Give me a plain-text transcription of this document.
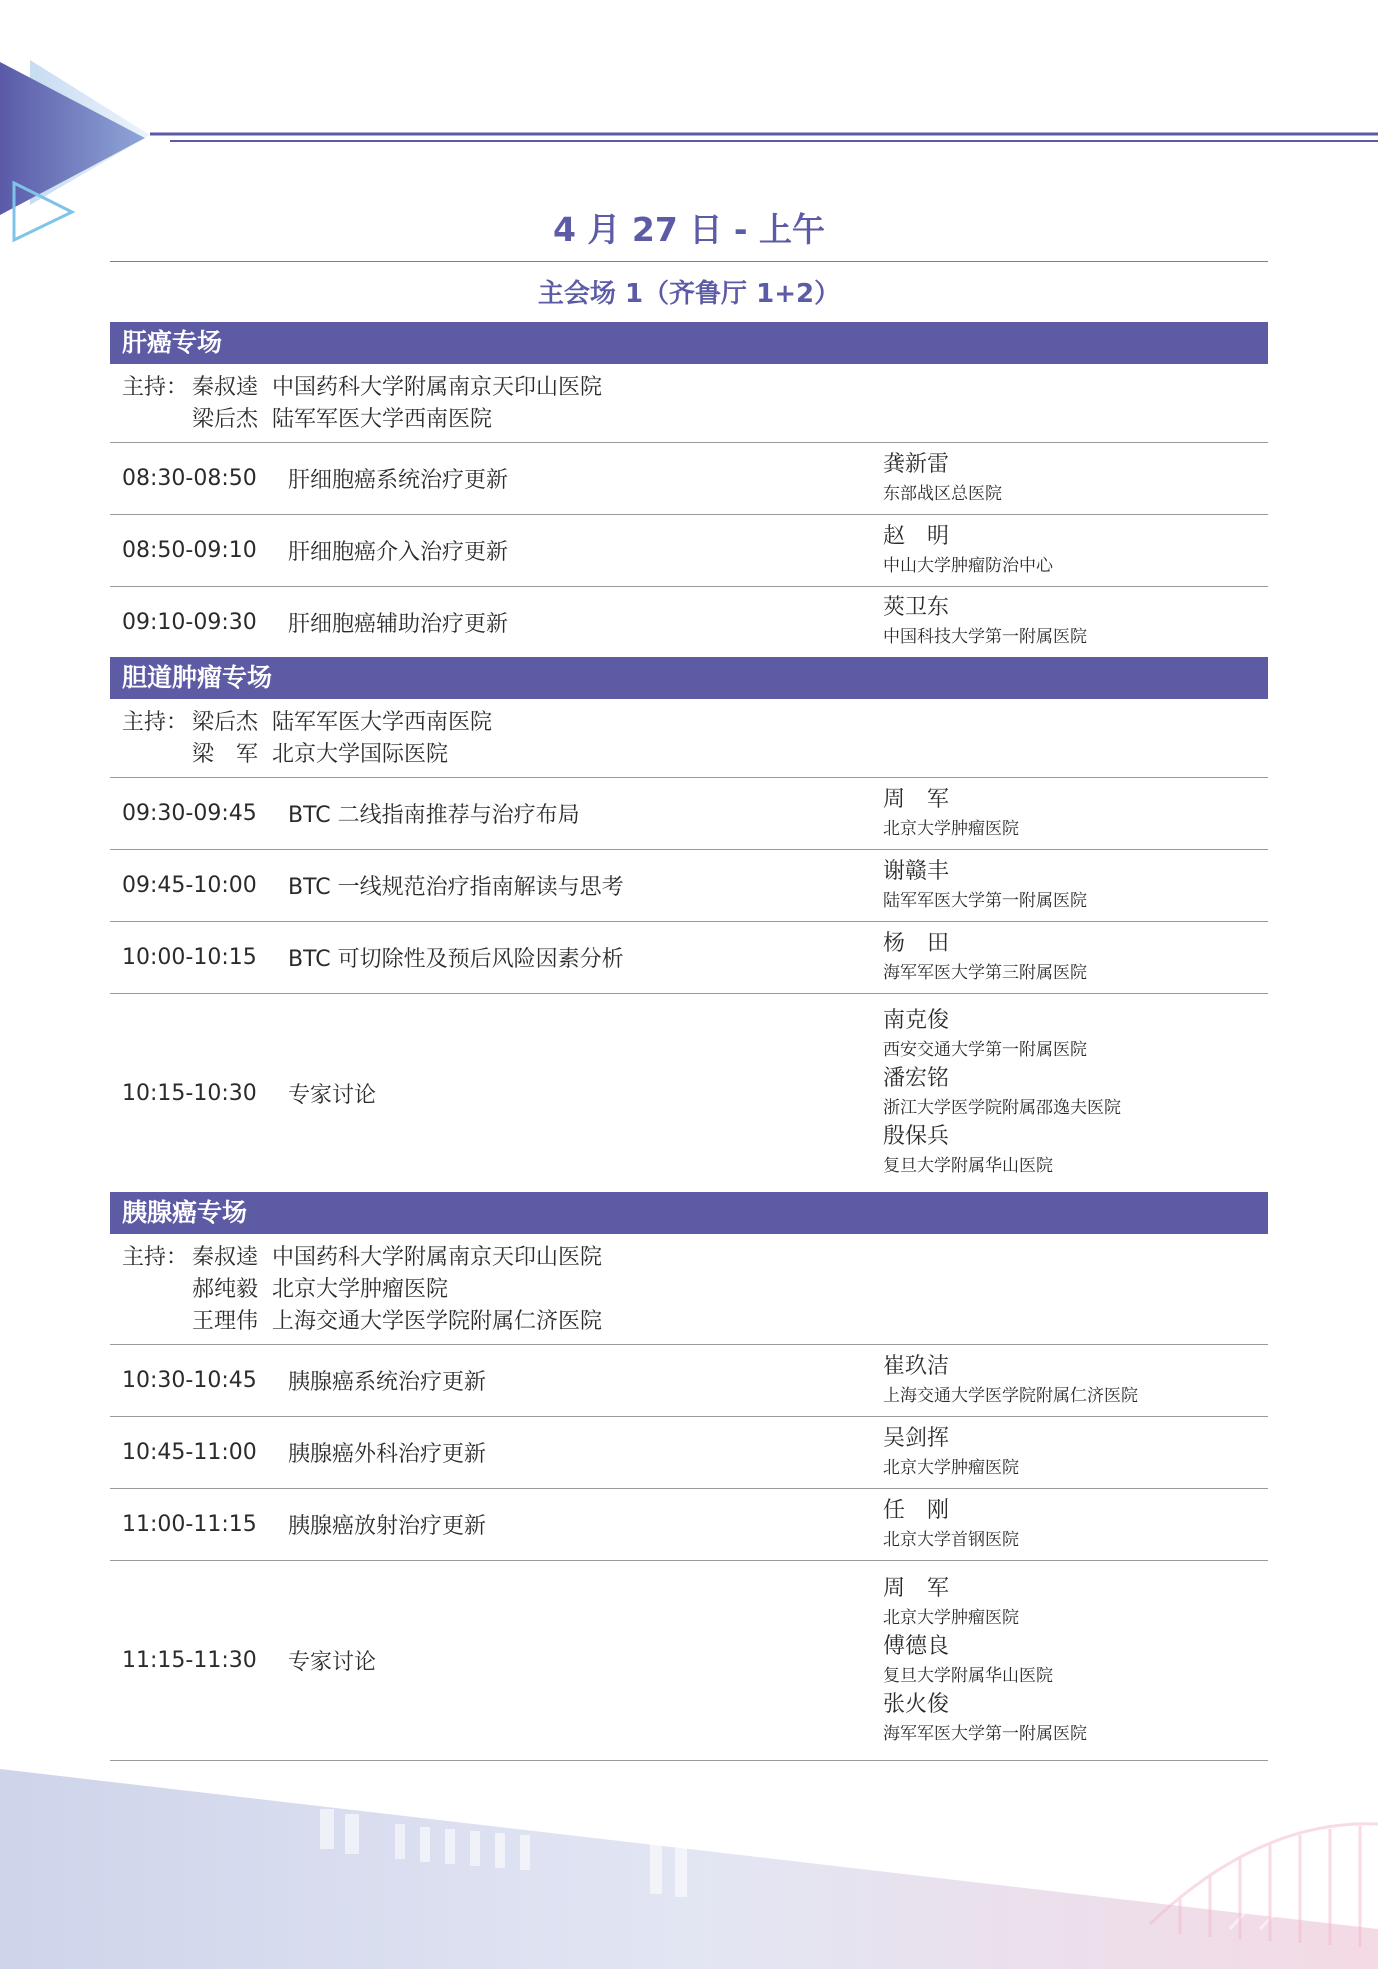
4 月 27 日 - 上午
主会场 1（齐鲁厅 1+2）
肝癌专场
主持： 秦叔逵 中国药科大学附属南京天印山医院
梁后杰 陆军军医大学西南医院
08:30-08:50	肝细胞癌系统治疗更新
龚新雷
东部战区总医院
08:50-09:10	肝细胞癌介入治疗更新
赵　明
中山大学肿瘤防治中心
09:10-09:30	肝细胞癌辅助治疗更新
莢卫东
中国科技大学第一附属医院
胆道肿瘤专场
主持： 梁后杰 陆军军医大学西南医院
梁　军 北京大学国际医院
09:30-09:45	BTC 二线指南推荐与治疗布局
周　军
北京大学肿瘤医院
09:45-10:00	BTC 一线规范治疗指南解读与思考
谢赣丰
陆军军医大学第一附属医院
10:00-10:15	BTC 可切除性及预后风险因素分析
杨　田
海军军医大学第三附属医院
10:15-10:30	专家讨论
南克俊
西安交通大学第一附属医院
潘宏铭
浙江大学医学院附属邵逸夫医院
殷保兵
复旦大学附属华山医院
胰腺癌专场
主持： 秦叔逵 中国药科大学附属南京天印山医院
郝纯毅 北京大学肿瘤医院
王理伟 上海交通大学医学院附属仁济医院
10:30-10:45	胰腺癌系统治疗更新
崔玖洁
上海交通大学医学院附属仁济医院
10:45-11:00	胰腺癌外科治疗更新
吴剑挥
北京大学肿瘤医院
11:00-11:15	胰腺癌放射治疗更新
任　刚
北京大学首钢医院
11:15-11:30	专家讨论
周　军
北京大学肿瘤医院
傅德良
复旦大学附属华山医院
张火俊
海军军医大学第一附属医院
